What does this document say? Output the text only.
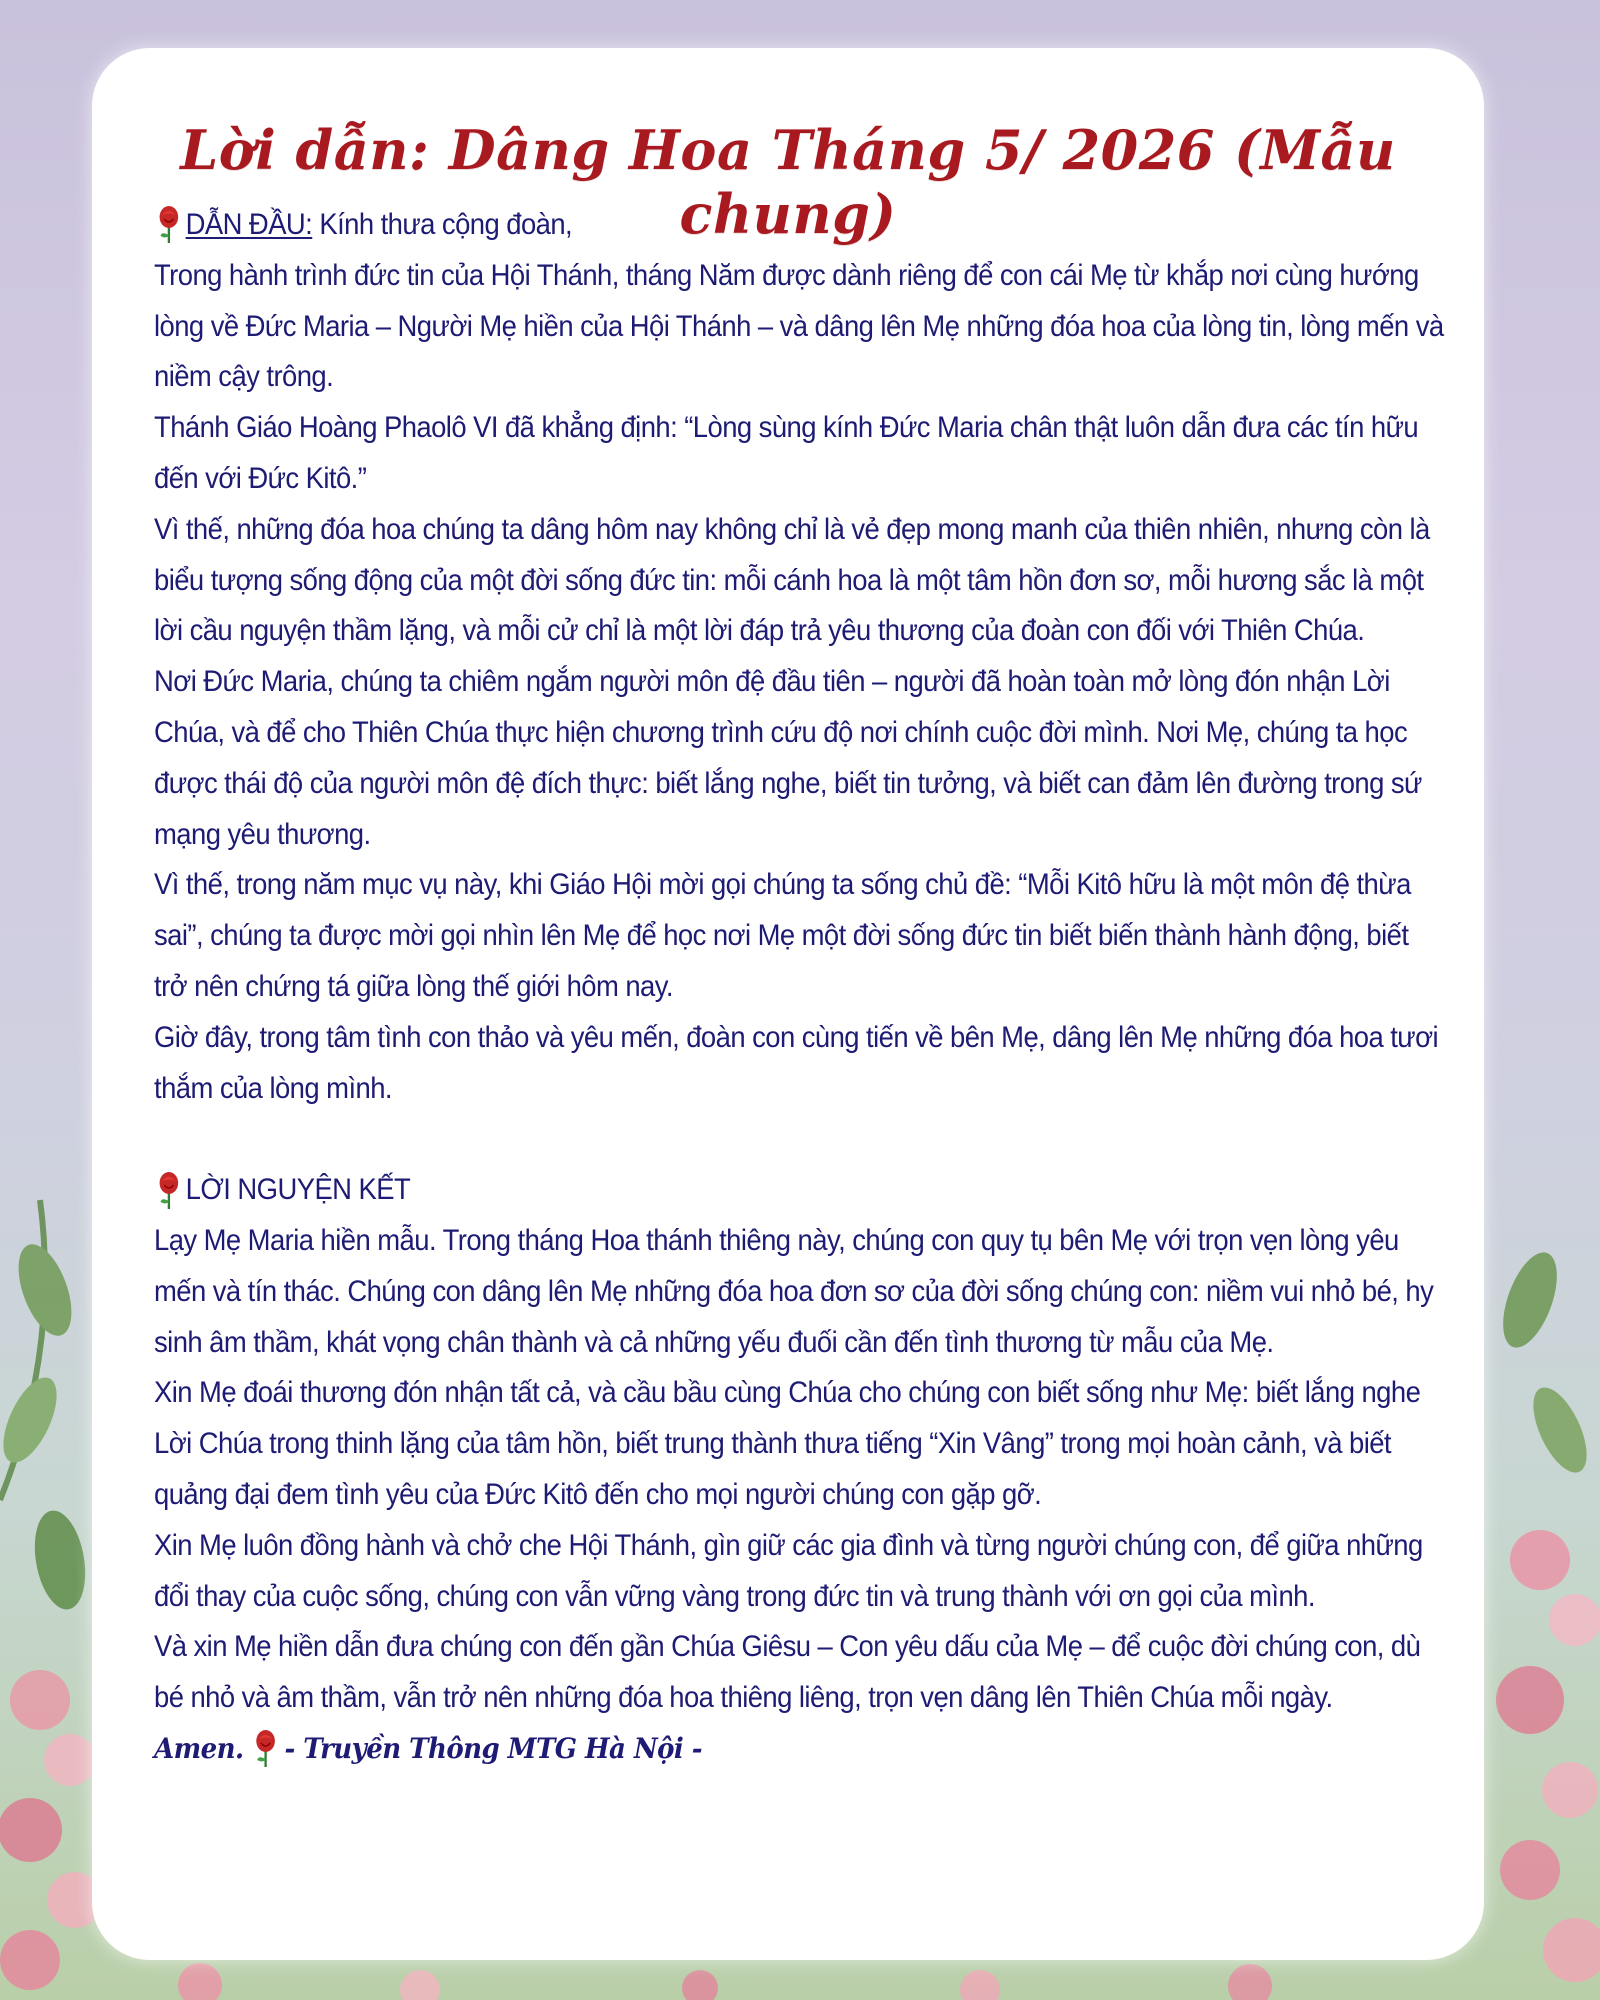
Lời dẫn: Dâng Hoa Tháng 5/ 2026 (Mẫu chung)

DẪN ĐẦU: Kính thưa cộng đoàn,

Trong hành trình đức tin của Hội Thánh, tháng Năm được dành riêng để con cái Mẹ từ khắp nơi cùng hướng lòng về Đức Maria – Người Mẹ hiền của Hội Thánh – và dâng lên Mẹ những đóa hoa của lòng tin, lòng mến và niềm cậy trông.

Thánh Giáo Hoàng Phaolô VI đã khẳng định: “Lòng sùng kính Đức Maria chân thật luôn dẫn đưa các tín hữu đến với Đức Kitô.”

Vì thế, những đóa hoa chúng ta dâng hôm nay không chỉ là vẻ đẹp mong manh của thiên nhiên, nhưng còn là biểu tượng sống động của một đời sống đức tin: mỗi cánh hoa là một tâm hồn đơn sơ, mỗi hương sắc là một lời cầu nguyện thầm lặng, và mỗi cử chỉ là một lời đáp trả yêu thương của đoàn con đối với Thiên Chúa.

Nơi Đức Maria, chúng ta chiêm ngắm người môn đệ đầu tiên – người đã hoàn toàn mở lòng đón nhận Lời Chúa, và để cho Thiên Chúa thực hiện chương trình cứu độ nơi chính cuộc đời mình. Nơi Mẹ, chúng ta học được thái độ của người môn đệ đích thực: biết lắng nghe, biết tin tưởng, và biết can đảm lên đường trong sứ mạng yêu thương.

Vì thế, trong năm mục vụ này, khi Giáo Hội mời gọi chúng ta sống chủ đề: “Mỗi Kitô hữu là một môn đệ thừa sai”, chúng ta được mời gọi nhìn lên Mẹ để học nơi Mẹ một đời sống đức tin biết biến thành hành động, biết trở nên chứng tá giữa lòng thế giới hôm nay.

Giờ đây, trong tâm tình con thảo và yêu mến, đoàn con cùng tiến về bên Mẹ, dâng lên Mẹ những đóa hoa tươi thắm của lòng mình.

LỜI NGUYỆN KẾT

Lạy Mẹ Maria hiền mẫu. Trong tháng Hoa thánh thiêng này, chúng con quy tụ bên Mẹ với trọn vẹn lòng yêu mến và tín thác. Chúng con dâng lên Mẹ những đóa hoa đơn sơ của đời sống chúng con: niềm vui nhỏ bé, hy sinh âm thầm, khát vọng chân thành và cả những yếu đuối cần đến tình thương từ mẫu của Mẹ.

Xin Mẹ đoái thương đón nhận tất cả, và cầu bầu cùng Chúa cho chúng con biết sống như Mẹ: biết lắng nghe Lời Chúa trong thinh lặng của tâm hồn, biết trung thành thưa tiếng “Xin Vâng” trong mọi hoàn cảnh, và biết quảng đại đem tình yêu của Đức Kitô đến cho mọi người chúng con gặp gỡ.

Xin Mẹ luôn đồng hành và chở che Hội Thánh, gìn giữ các gia đình và từng người chúng con, để giữa những đổi thay của cuộc sống, chúng con vẫn vững vàng trong đức tin và trung thành với ơn gọi của mình.

Và xin Mẹ hiền dẫn đưa chúng con đến gần Chúa Giêsu – Con yêu dấu của Mẹ – để cuộc đời chúng con, dù bé nhỏ và âm thầm, vẫn trở nên những đóa hoa thiêng liêng, trọn vẹn dâng lên Thiên Chúa mỗi ngày.

Amen. - Truyền Thông MTG Hà Nội -
